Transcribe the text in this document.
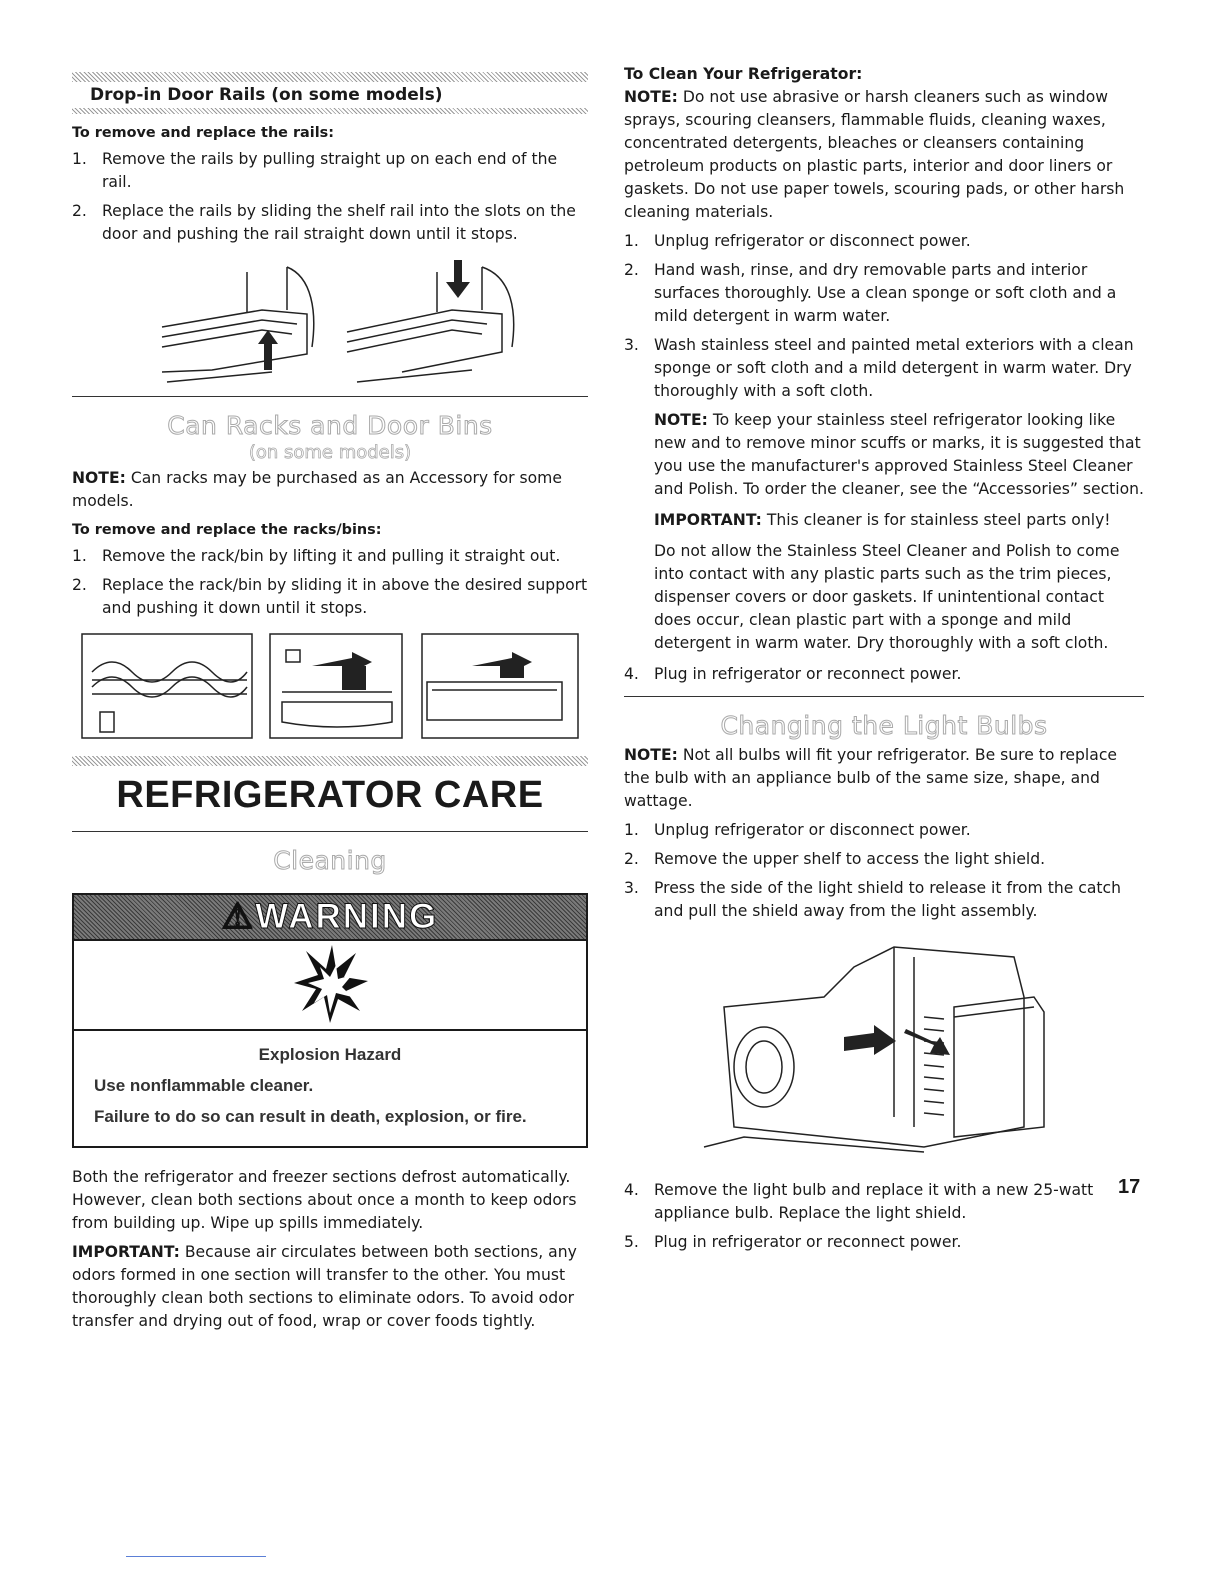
Drop-in Door Rails (on some models)

To remove and replace the rails:

1. Remove the rails by pulling straight up on each end of the rail.
2. Replace the rails by sliding the shelf rail into the slots on the door and pushing the rail straight down until it stops.
Can Racks and Door Bins
(on some models)

NOTE: Can racks may be purchased as an Accessory for some models.

To remove and replace the racks/bins:

1. Remove the rack/bin by lifting it and pulling it straight out.
2. Replace the rack/bin by sliding it in above the desired support and pushing it down until it stops.
REFRIGERATOR CARE
Cleaning
⚠WARNING

Explosion Hazard

Use nonflammable cleaner.

Failure to do so can result in death, explosion, or fire.

Both the refrigerator and freezer sections defrost automatically. However, clean both sections about once a month to keep odors from building up. Wipe up spills immediately.

IMPORTANT: Because air circulates between both sections, any odors formed in one section will transfer to the other. You must thoroughly clean both sections to eliminate odors. To avoid odor transfer and drying out of food, wrap or cover foods tightly.

To Clean Your Refrigerator:

NOTE: Do not use abrasive or harsh cleaners such as window sprays, scouring cleansers, flammable fluids, cleaning waxes, concentrated detergents, bleaches or cleansers containing petroleum products on plastic parts, interior and door liners or gaskets. Do not use paper towels, scouring pads, or other harsh cleaning materials.

1. Unplug refrigerator or disconnect power.
2. Hand wash, rinse, and dry removable parts and interior surfaces thoroughly. Use a clean sponge or soft cloth and a mild detergent in warm water.
3. Wash stainless steel and painted metal exteriors with a clean sponge or soft cloth and a mild detergent in warm water. Dry thoroughly with a soft cloth.

NOTE: To keep your stainless steel refrigerator looking like new and to remove minor scuffs or marks, it is suggested that you use the manufacturer's approved Stainless Steel Cleaner and Polish. To order the cleaner, see the “Accessories” section.

IMPORTANT: This cleaner is for stainless steel parts only!

Do not allow the Stainless Steel Cleaner and Polish to come into contact with any plastic parts such as the trim pieces, dispenser covers or door gaskets. If unintentional contact does occur, clean plastic part with a sponge and mild detergent in warm water. Dry thoroughly with a soft cloth.

4. Plug in refrigerator or reconnect power.
Changing the Light Bulbs

NOTE: Not all bulbs will fit your refrigerator. Be sure to replace the bulb with an appliance bulb of the same size, shape, and wattage.

1. Unplug refrigerator or disconnect power.
2. Remove the upper shelf to access the light shield.
3. Press the side of the light shield to release it from the catch and pull the shield away from the light assembly.
4. Remove the light bulb and replace it with a new 25-watt appliance bulb. Replace the light shield.
5. Plug in refrigerator or reconnect power.
17
